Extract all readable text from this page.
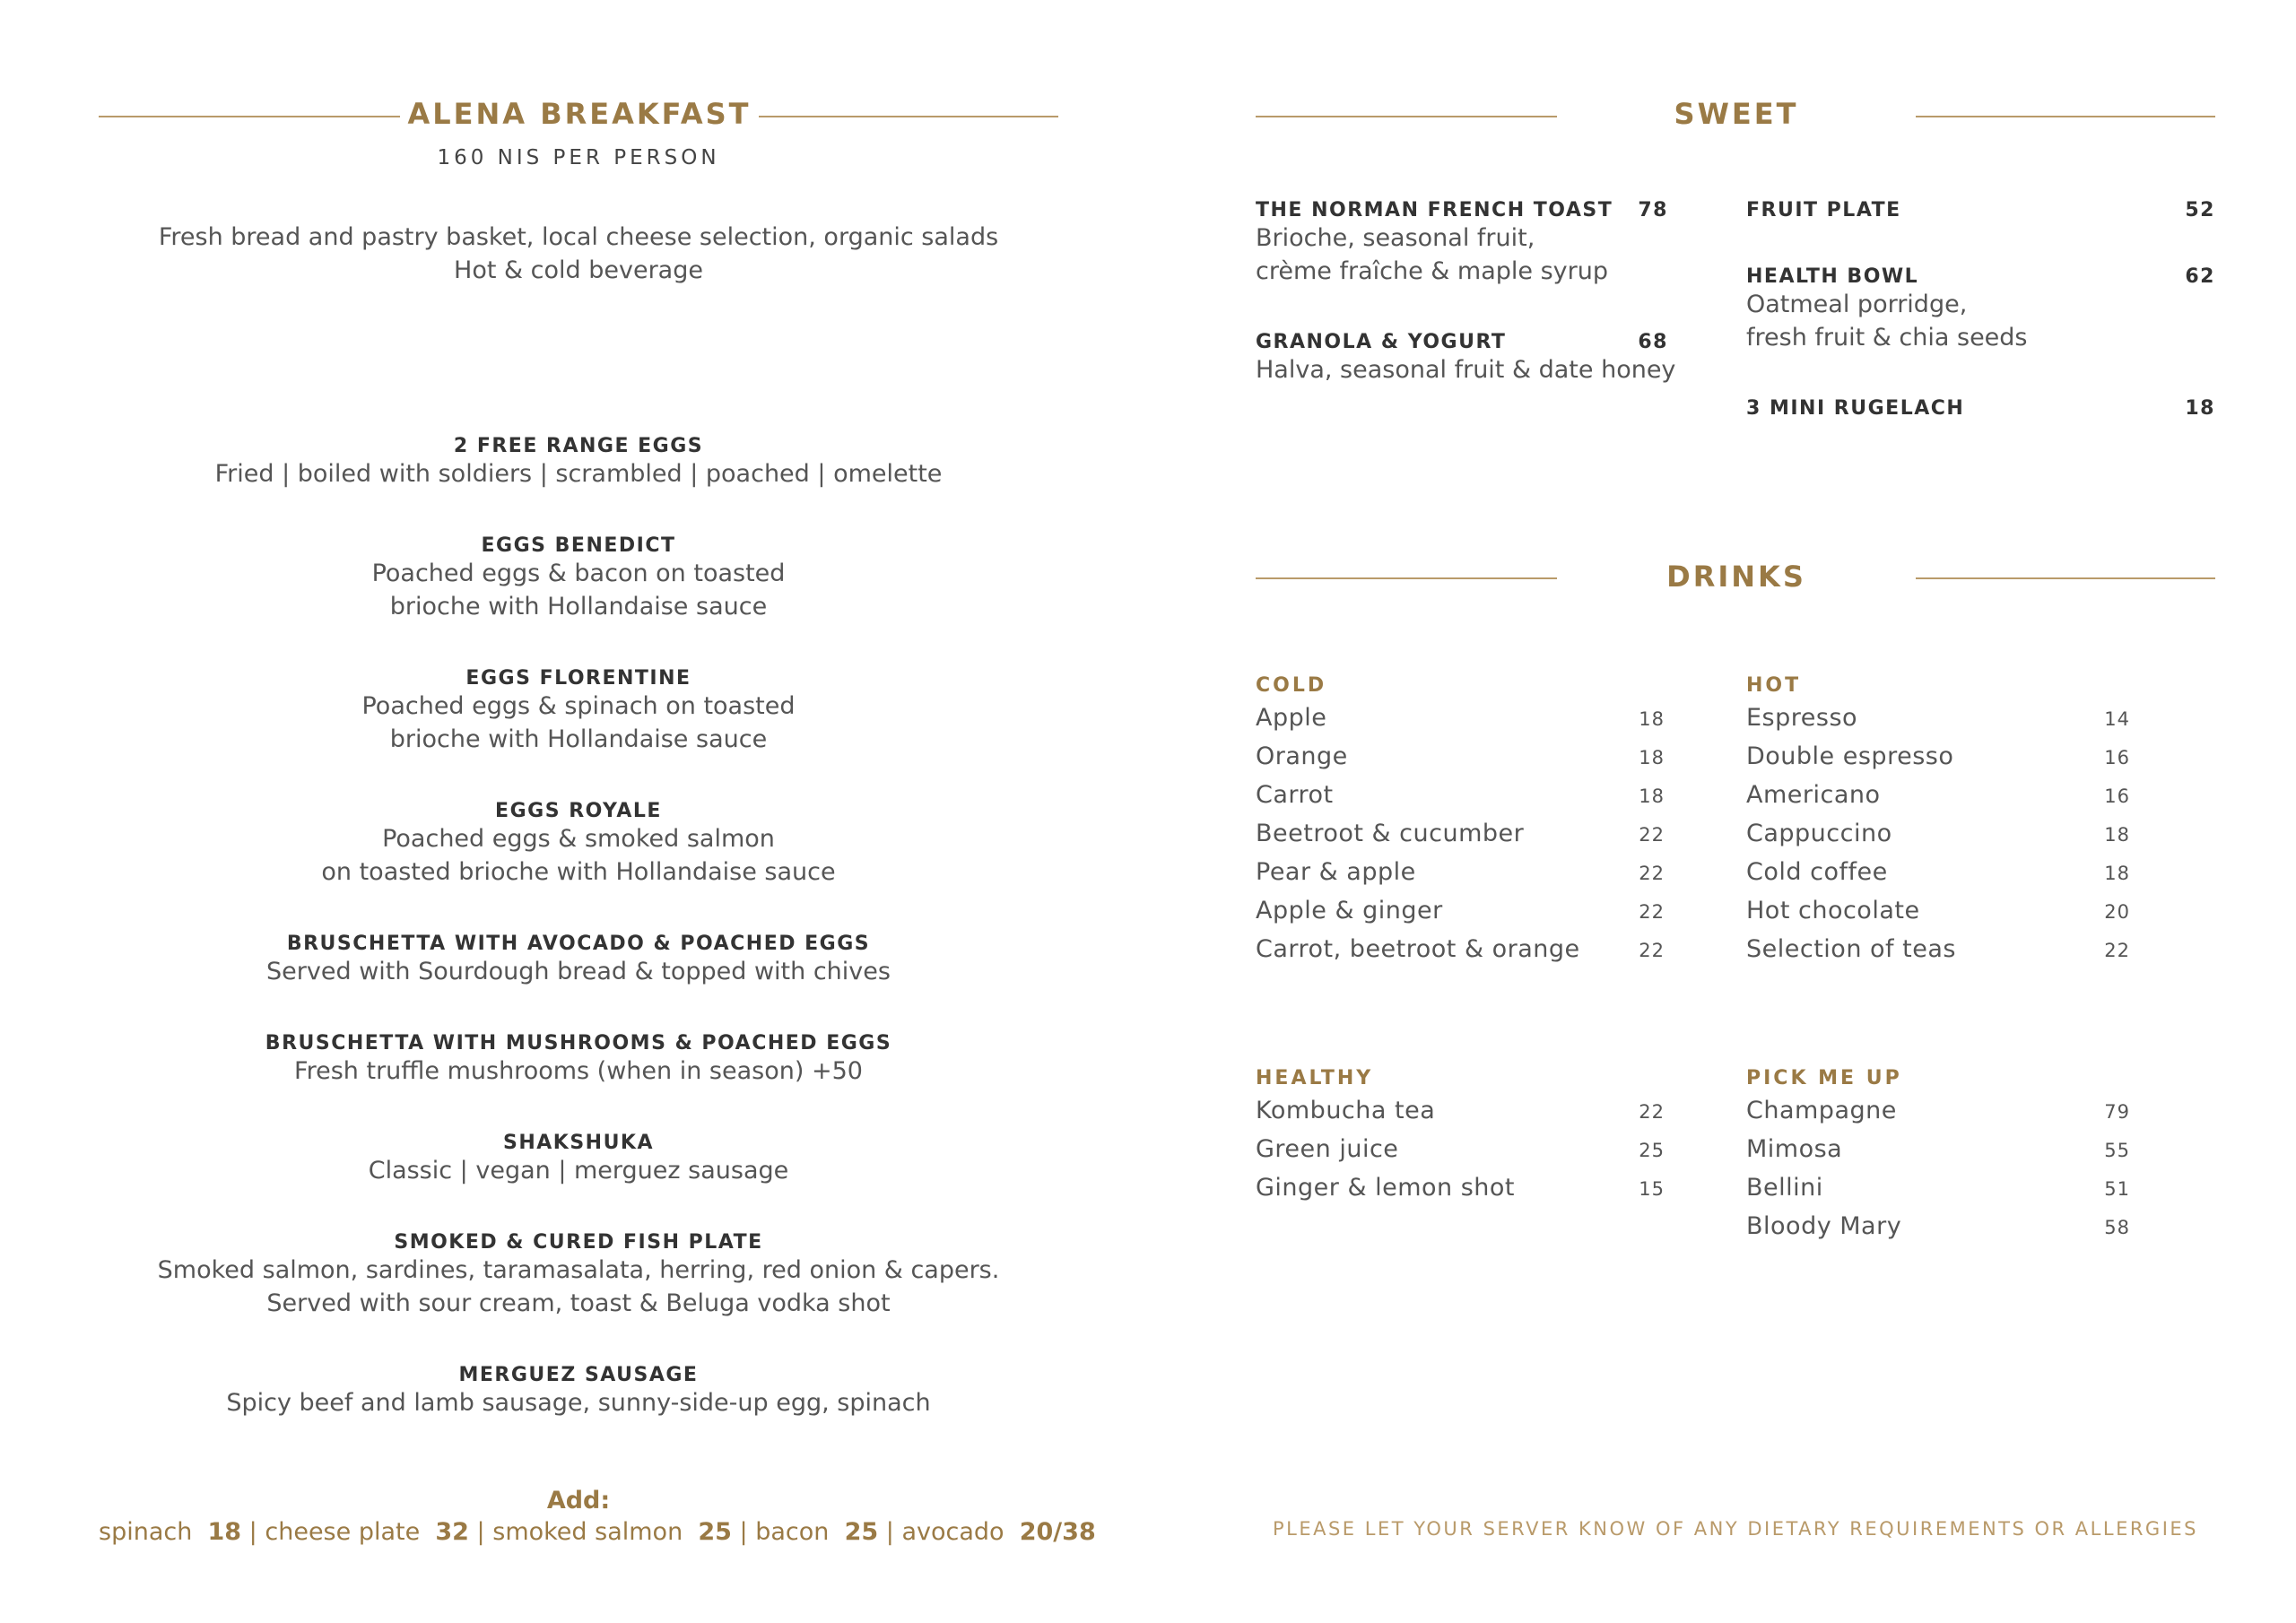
ALENA BREAKFAST
160 NIS PER PERSON
Fresh bread and pastry basket, local cheese selection, organic salads
Hot & cold beverage
2 FREE RANGE EGGS
Fried | boiled with soldiers | scrambled | poached | omelette
EGGS BENEDICT
Poached eggs & bacon on toasted
brioche with Hollandaise sauce
EGGS FLORENTINE
Poached eggs & spinach on toasted
brioche with Hollandaise sauce
EGGS ROYALE
Poached eggs & smoked salmon
on toasted brioche with Hollandaise sauce
BRUSCHETTA WITH AVOCADO & POACHED EGGS
Served with Sourdough bread & topped with chives
BRUSCHETTA WITH MUSHROOMS & POACHED EGGS
Fresh truffle mushrooms (when in season) +50
SHAKSHUKA
Classic | vegan | merguez sausage
SMOKED & CURED FISH PLATE
Smoked salmon, sardines, taramasalata, herring, red onion & capers.
Served with sour cream, toast & Beluga vodka shot
MERGUEZ SAUSAGE
Spicy beef and lamb sausage, sunny-side-up egg, spinach
Add:
spinach 18 | cheese plate 32 | smoked salmon 25 | bacon 25 | avocado 20/38
SWEET
THE NORMAN FRENCH TOAST 78
Brioche, seasonal fruit,
crème fraîche & maple syrup
GRANOLA & YOGURT	68
Halva, seasonal fruit & date honey
FRUIT PLATE	52
HEALTH BOWL	62
Oatmeal porridge,
fresh fruit & chia seeds
3 MINI RUGELACH	18
DRINKS
COLD
Apple	18
Orange	18
Carrot	18
Beetroot & cucumber	22
Pear & apple	22
Apple & ginger	22
Carrot, beetroot & orange	22
HOT
Espresso	14
Double espresso	16
Americano	16
Cappuccino	18
Cold coffee	18
Hot chocolate	20
Selection of teas	22
HEALTHY
Kombucha tea	22
Green juice	25
Ginger & lemon shot	15
PICK ME UP
Champagne	79
Mimosa	55
Bellini	51
Bloody Mary	58
PLEASE LET YOUR SERVER KNOW OF ANY DIETARY REQUIREMENTS OR ALLERGIES
